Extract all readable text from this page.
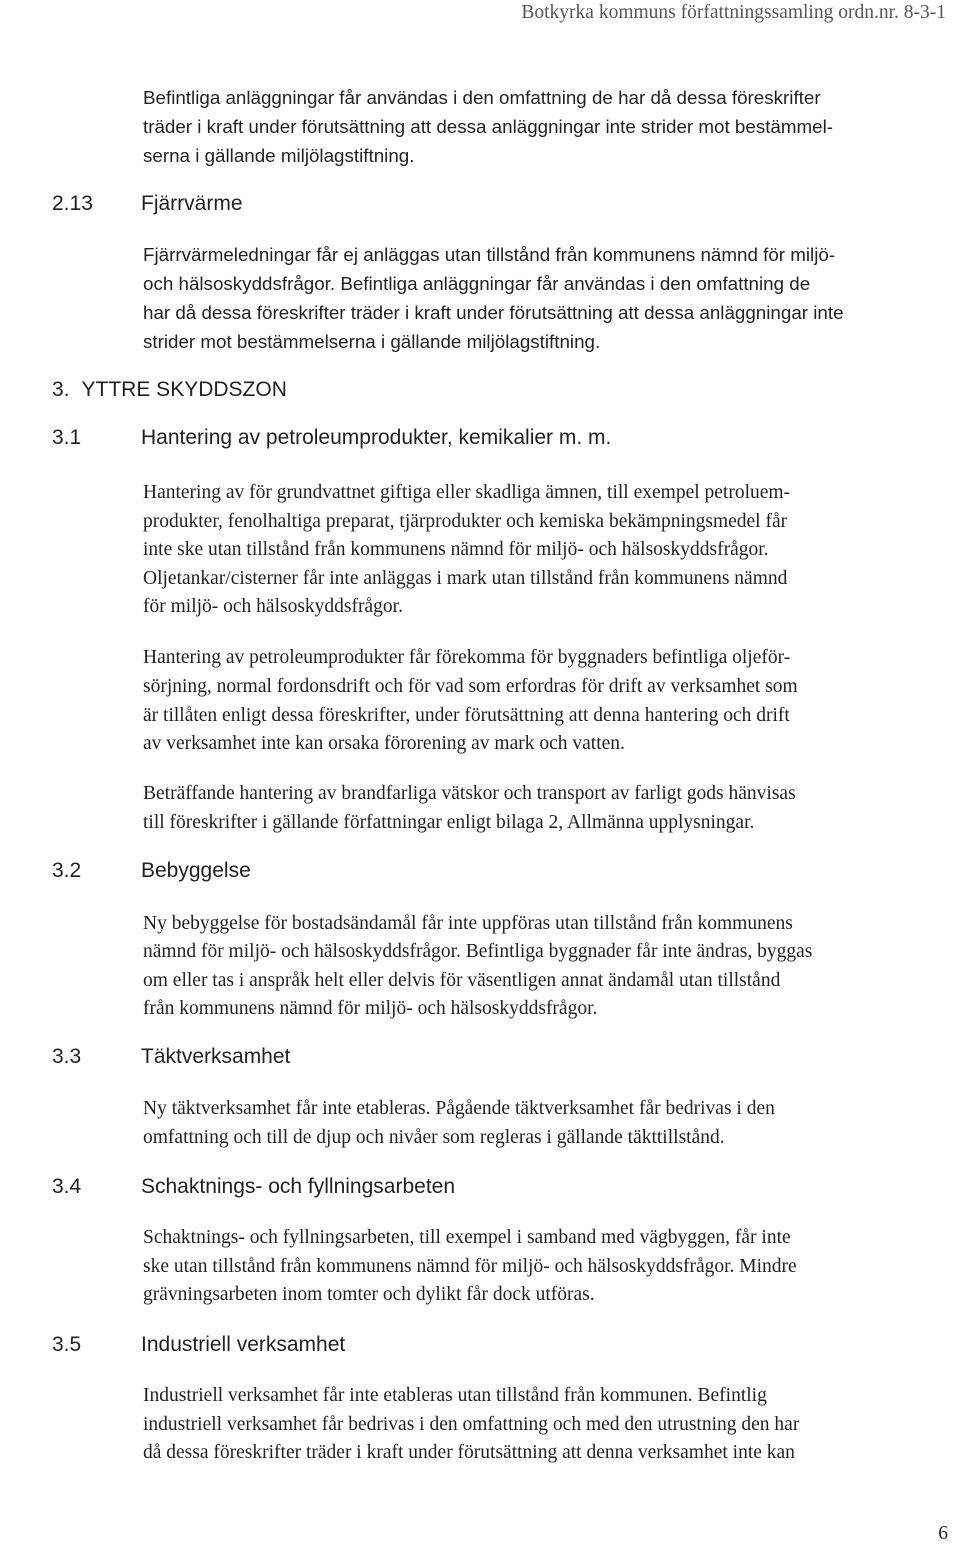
Botkyrka kommuns författningssamling ordn.nr. 8-3-1
Befintliga anläggningar får användas i den omfattning de har då dessa föreskrifter
träder i kraft under förutsättning att dessa anläggningar inte strider mot bestämmel-
serna i gällande miljölagstiftning.
2.13 Fjärrvärme
Fjärrvärmeledningar får ej anläggas utan tillstånd från kommunens nämnd för miljö-
och hälsoskyddsfrågor. Befintliga anläggningar får användas i den omfattning de
har då dessa föreskrifter träder i kraft under förutsättning att dessa anläggningar inte
strider mot bestämmelserna i gällande miljölagstiftning.
3. YTTRE SKYDDSZON
3.1	Hantering av petroleumprodukter, kemikalier m. m.
Hantering av för grundvattnet giftiga eller skadliga ämnen, till exempel petroluem-
produkter, fenolhaltiga preparat, tjärprodukter och kemiska bekämpningsmedel får
inte ske utan tillstånd från kommunens nämnd för miljö- och hälsoskyddsfrågor.
Oljetankar/cisterner får inte anläggas i mark utan tillstånd från kommunens nämnd
för miljö- och hälsoskyddsfrågor.
Hantering av petroleumprodukter får förekomma för byggnaders befintliga oljeför-
sörjning, normal fordonsdrift och för vad som erfordras för drift av verksamhet som
är tillåten enligt dessa föreskrifter, under förutsättning att denna hantering och drift
av verksamhet inte kan orsaka förorening av mark och vatten.
Beträffande hantering av brandfarliga vätskor och transport av farligt gods hänvisas
till föreskrifter i gällande författningar enligt bilaga 2, Allmänna upplysningar.
3.2	Bebyggelse
Ny bebyggelse för bostadsändamål får inte uppföras utan tillstånd från kommunens
nämnd för miljö- och hälsoskyddsfrågor. Befintliga byggnader får inte ändras, byggas
om eller tas i anspråk helt eller delvis för väsentligen annat ändamål utan tillstånd
från kommunens nämnd för miljö- och hälsoskyddsfrågor.
3.3	Täktverksamhet
Ny täktverksamhet får inte etableras. Pågående täktverksamhet får bedrivas i den
omfattning och till de djup och nivåer som regleras i gällande täkttillstånd.
3.4	Schaktnings- och fyllningsarbeten
Schaktnings- och fyllningsarbeten, till exempel i samband med vägbyggen, får inte
ske utan tillstånd från kommunens nämnd för miljö- och hälsoskyddsfrågor. Mindre
grävningsarbeten inom tomter och dylikt får dock utföras.
3.5	Industriell verksamhet
Industriell verksamhet får inte etableras utan tillstånd från kommunen. Befintlig
industriell verksamhet får bedrivas i den omfattning och med den utrustning den har
då dessa föreskrifter träder i kraft under förutsättning att denna verksamhet inte kan
6
